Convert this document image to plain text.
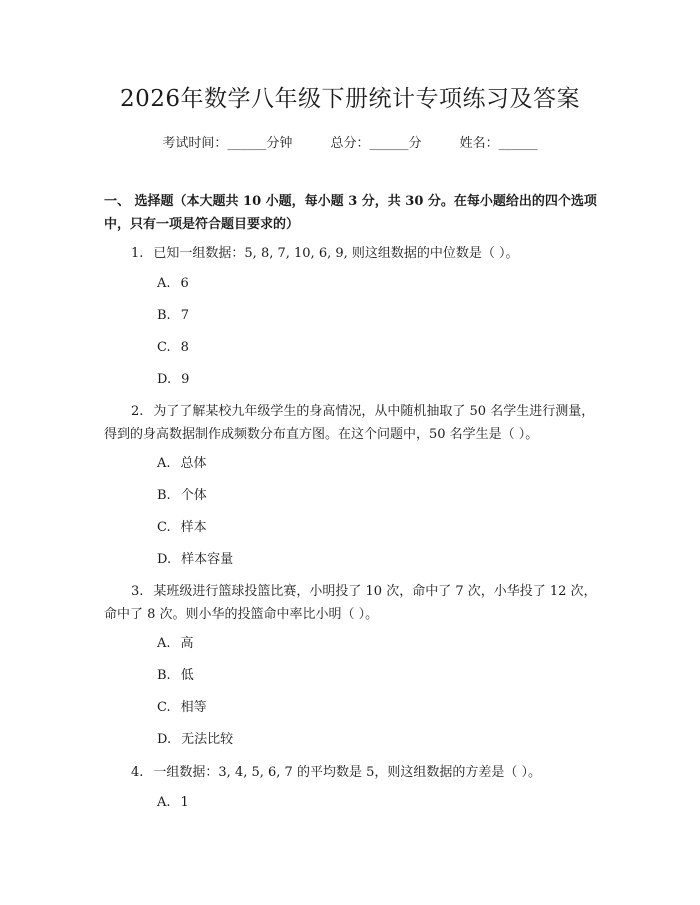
2026年数学八年级下册统计专项练习及答案
考试时间：______分钟	总分：______分	姓名：______
一、 选择题（本大题共 10 小题，每小题 3 分，共 30 分。在每小题给出的四个选项中，只有一项是符合题目要求的）
1. 已知一组数据：5, 8, 7, 10, 6, 9, 则这组数据的中位数是（ ）。
A. 6
B. 7
C. 8
D. 9
2. 为了了解某校九年级学生的身高情况，从中随机抽取了 50 名学生进行测量，得到的身高数据制作成频数分布直方图。在这个问题中，50 名学生是（ ）。
A. 总体
B. 个体
C. 样本
D. 样本容量
3. 某班级进行篮球投篮比赛，小明投了 10 次，命中了 7 次，小华投了 12 次，命中了 8 次。则小华的投篮命中率比小明（ ）。
A. 高
B. 低
C. 相等
D. 无法比较
4. 一组数据：3, 4, 5, 6, 7 的平均数是 5，则这组数据的方差是（ ）。
A. 1
